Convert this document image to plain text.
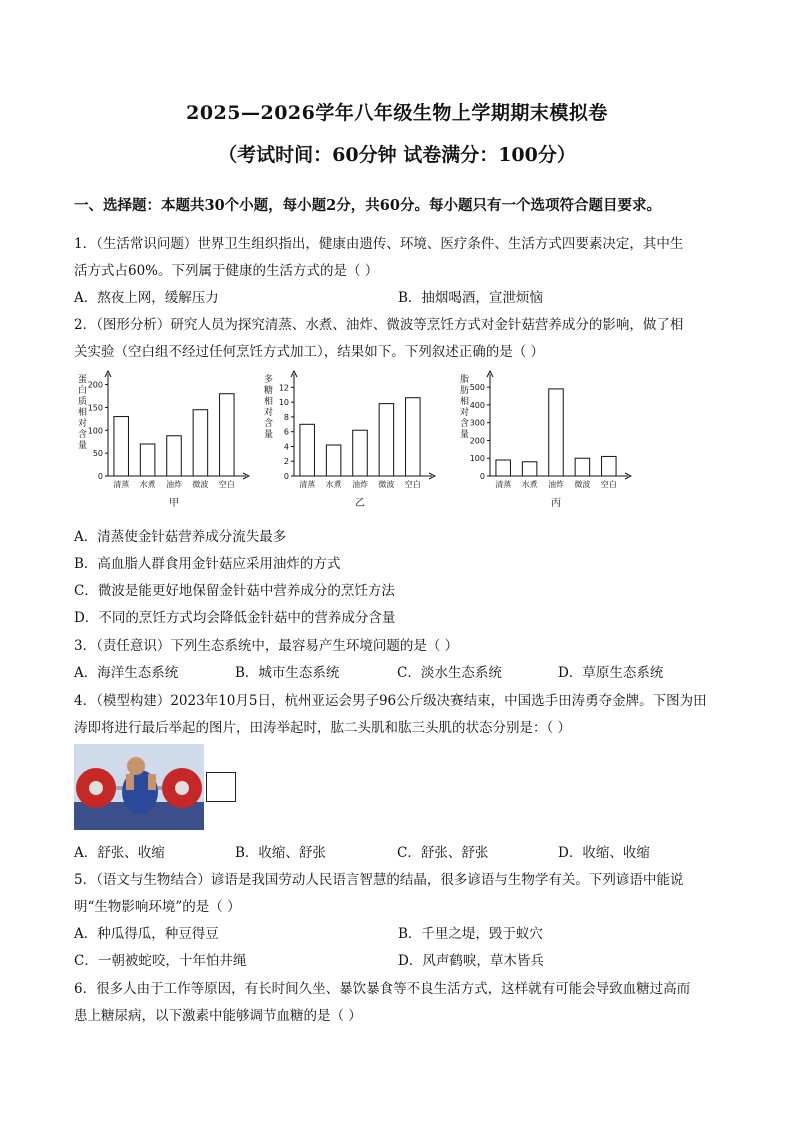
2025—2026学年八年级生物上学期期末模拟卷
（考试时间：60分钟 试卷满分：100分）
一、选择题：本题共30个小题，每小题2分，共60分。每小题只有一个选项符合题目要求。
1．（生活常识问题）世界卫生组织指出，健康由遗传、环境、医疗条件、生活方式四要素决定，其中生
活方式占60%。下列属于健康的生活方式的是（ ）
A．熬夜上网，缓解压力	B．抽烟喝酒，宣泄烦恼
2．（图形分析）研究人员为探究清蒸、水煮、油炸、微波等烹饪方式对金针菇营养成分的影响，做了相
关实验（空白组不经过任何烹饪方式加工），结果如下。下列叙述正确的是（ ）
蛋白质相对含量
0
50
100
150
200
清蒸 水煮 油炸 微波 空白
甲
多糖相对含量
0
2
4
6
8
10
12
清蒸 水煮 油炸 微波 空白
乙
脂肪相对含量
0
100
200
300
400
500
清蒸 水煮 油炸 微波 空白
丙
A．清蒸使金针菇营养成分流失最多
B．高血脂人群食用金针菇应采用油炸的方式
C．微波是能更好地保留金针菇中营养成分的烹饪方法
D．不同的烹饪方式均会降低金针菇中的营养成分含量
3．（责任意识）下列生态系统中，最容易产生环境问题的是（ ）
A．海洋生态系统	B．城市生态系统	C．淡水生态系统	D．草原生态系统
4．（模型构建）2023年10月5日，杭州亚运会男子96公斤级决赛结束，中国选手田涛勇夺金牌。下图为田
涛即将进行最后举起的图片，田涛举起时，肱二头肌和肱三头肌的状态分别是：（ ）
A．舒张、收缩	B．收缩、舒张	C．舒张、舒张	D．收缩、收缩
5．（语文与生物结合）谚语是我国劳动人民语言智慧的结晶，很多谚语与生物学有关。下列谚语中能说
明“生物影响环境”的是（ ）
A．种瓜得瓜，种豆得豆	B．千里之堤，毁于蚁穴
C．一朝被蛇咬，十年怕井绳	D．风声鹤唳，草木皆兵
6．很多人由于工作等原因，有长时间久坐、暴饮暴食等不良生活方式，这样就有可能会导致血糖过高而
患上糖尿病，以下激素中能够调节血糖的是（ ）
